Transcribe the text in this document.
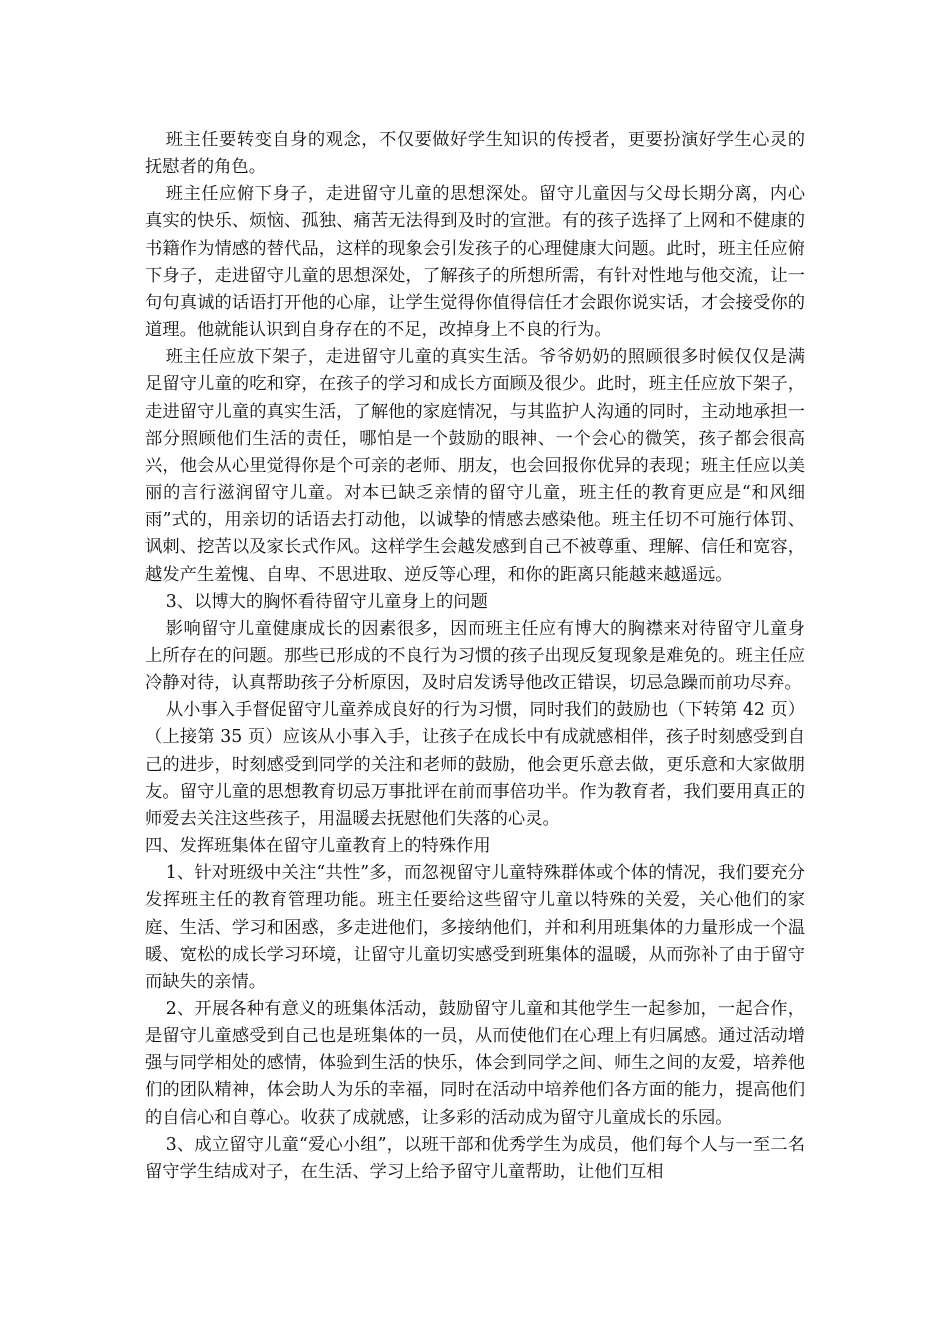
班主任要转变自身的观念，不仅要做好学生知识的传授者，更要扮演好学生心灵的抚慰者的角色。

班主任应俯下身子，走进留守儿童的思想深处。留守儿童因与父母长期分离，内心真实的快乐、烦恼、孤独、痛苦无法得到及时的宣泄。有的孩子选择了上网和不健康的书籍作为情感的替代品，这样的现象会引发孩子的心理健康大问题。此时，班主任应俯下身子，走进留守儿童的思想深处，了解孩子的所想所需，有针对性地与他交流，让一句句真诚的话语打开他的心扉，让学生觉得你值得信任才会跟你说实话，才会接受你的道理。他就能认识到自身存在的不足，改掉身上不良的行为。

班主任应放下架子，走进留守儿童的真实生活。爷爷奶奶的照顾很多时候仅仅是满足留守儿童的吃和穿，在孩子的学习和成长方面顾及很少。此时，班主任应放下架子，走进留守儿童的真实生活，了解他的家庭情况，与其监护人沟通的同时，主动地承担一部分照顾他们生活的责任，哪怕是一个鼓励的眼神、一个会心的微笑，孩子都会很高兴，他会从心里觉得你是个可亲的老师、朋友，也会回报你优异的表现；班主任应以美丽的言行滋润留守儿童。对本已缺乏亲情的留守儿童，班主任的教育更应是“和风细雨”式的，用亲切的话语去打动他，以诚挚的情感去感染他。班主任切不可施行体罚、讽刺、挖苦以及家长式作风。这样学生会越发感到自己不被尊重、理解、信任和宽容，越发产生羞愧、自卑、不思进取、逆反等心理，和你的距离只能越来越遥远。

3、以博大的胸怀看待留守儿童身上的问题

影响留守儿童健康成长的因素很多，因而班主任应有博大的胸襟来对待留守儿童身上所存在的问题。那些已形成的不良行为习惯的孩子出现反复现象是难免的。班主任应冷静对待，认真帮助孩子分析原因，及时启发诱导他改正错误，切忌急躁而前功尽弃。

从小事入手督促留守儿童养成良好的行为习惯，同时我们的鼓励也（下转第 42 页）（上接第 35 页）应该从小事入手，让孩子在成长中有成就感相伴，孩子时刻感受到自己的进步，时刻感受到同学的关注和老师的鼓励，他会更乐意去做，更乐意和大家做朋友。留守儿童的思想教育切忌万事批评在前而事倍功半。作为教育者，我们要用真正的师爱去关注这些孩子，用温暖去抚慰他们失落的心灵。

四、发挥班集体在留守儿童教育上的特殊作用

1、针对班级中关注“共性”多，而忽视留守儿童特殊群体或个体的情况，我们要充分发挥班主任的教育管理功能。班主任要给这些留守儿童以特殊的关爱，关心他们的家庭、生活、学习和困惑，多走进他们，多接纳他们，并和利用班集体的力量形成一个温暖、宽松的成长学习环境，让留守儿童切实感受到班集体的温暖，从而弥补了由于留守而缺失的亲情。

2、开展各种有意义的班集体活动，鼓励留守儿童和其他学生一起参加，一起合作，是留守儿童感受到自己也是班集体的一员，从而使他们在心理上有归属感。通过活动增强与同学相处的感情，体验到生活的快乐，体会到同学之间、师生之间的友爱，培养他们的团队精神，体会助人为乐的幸福，同时在活动中培养他们各方面的能力，提高他们的自信心和自尊心。收获了成就感，让多彩的活动成为留守儿童成长的乐园。

3、成立留守儿童“爱心小组”，以班干部和优秀学生为成员，他们每个人与一至二名留守学生结成对子，在生活、学习上给予留守儿童帮助，让他们互相
